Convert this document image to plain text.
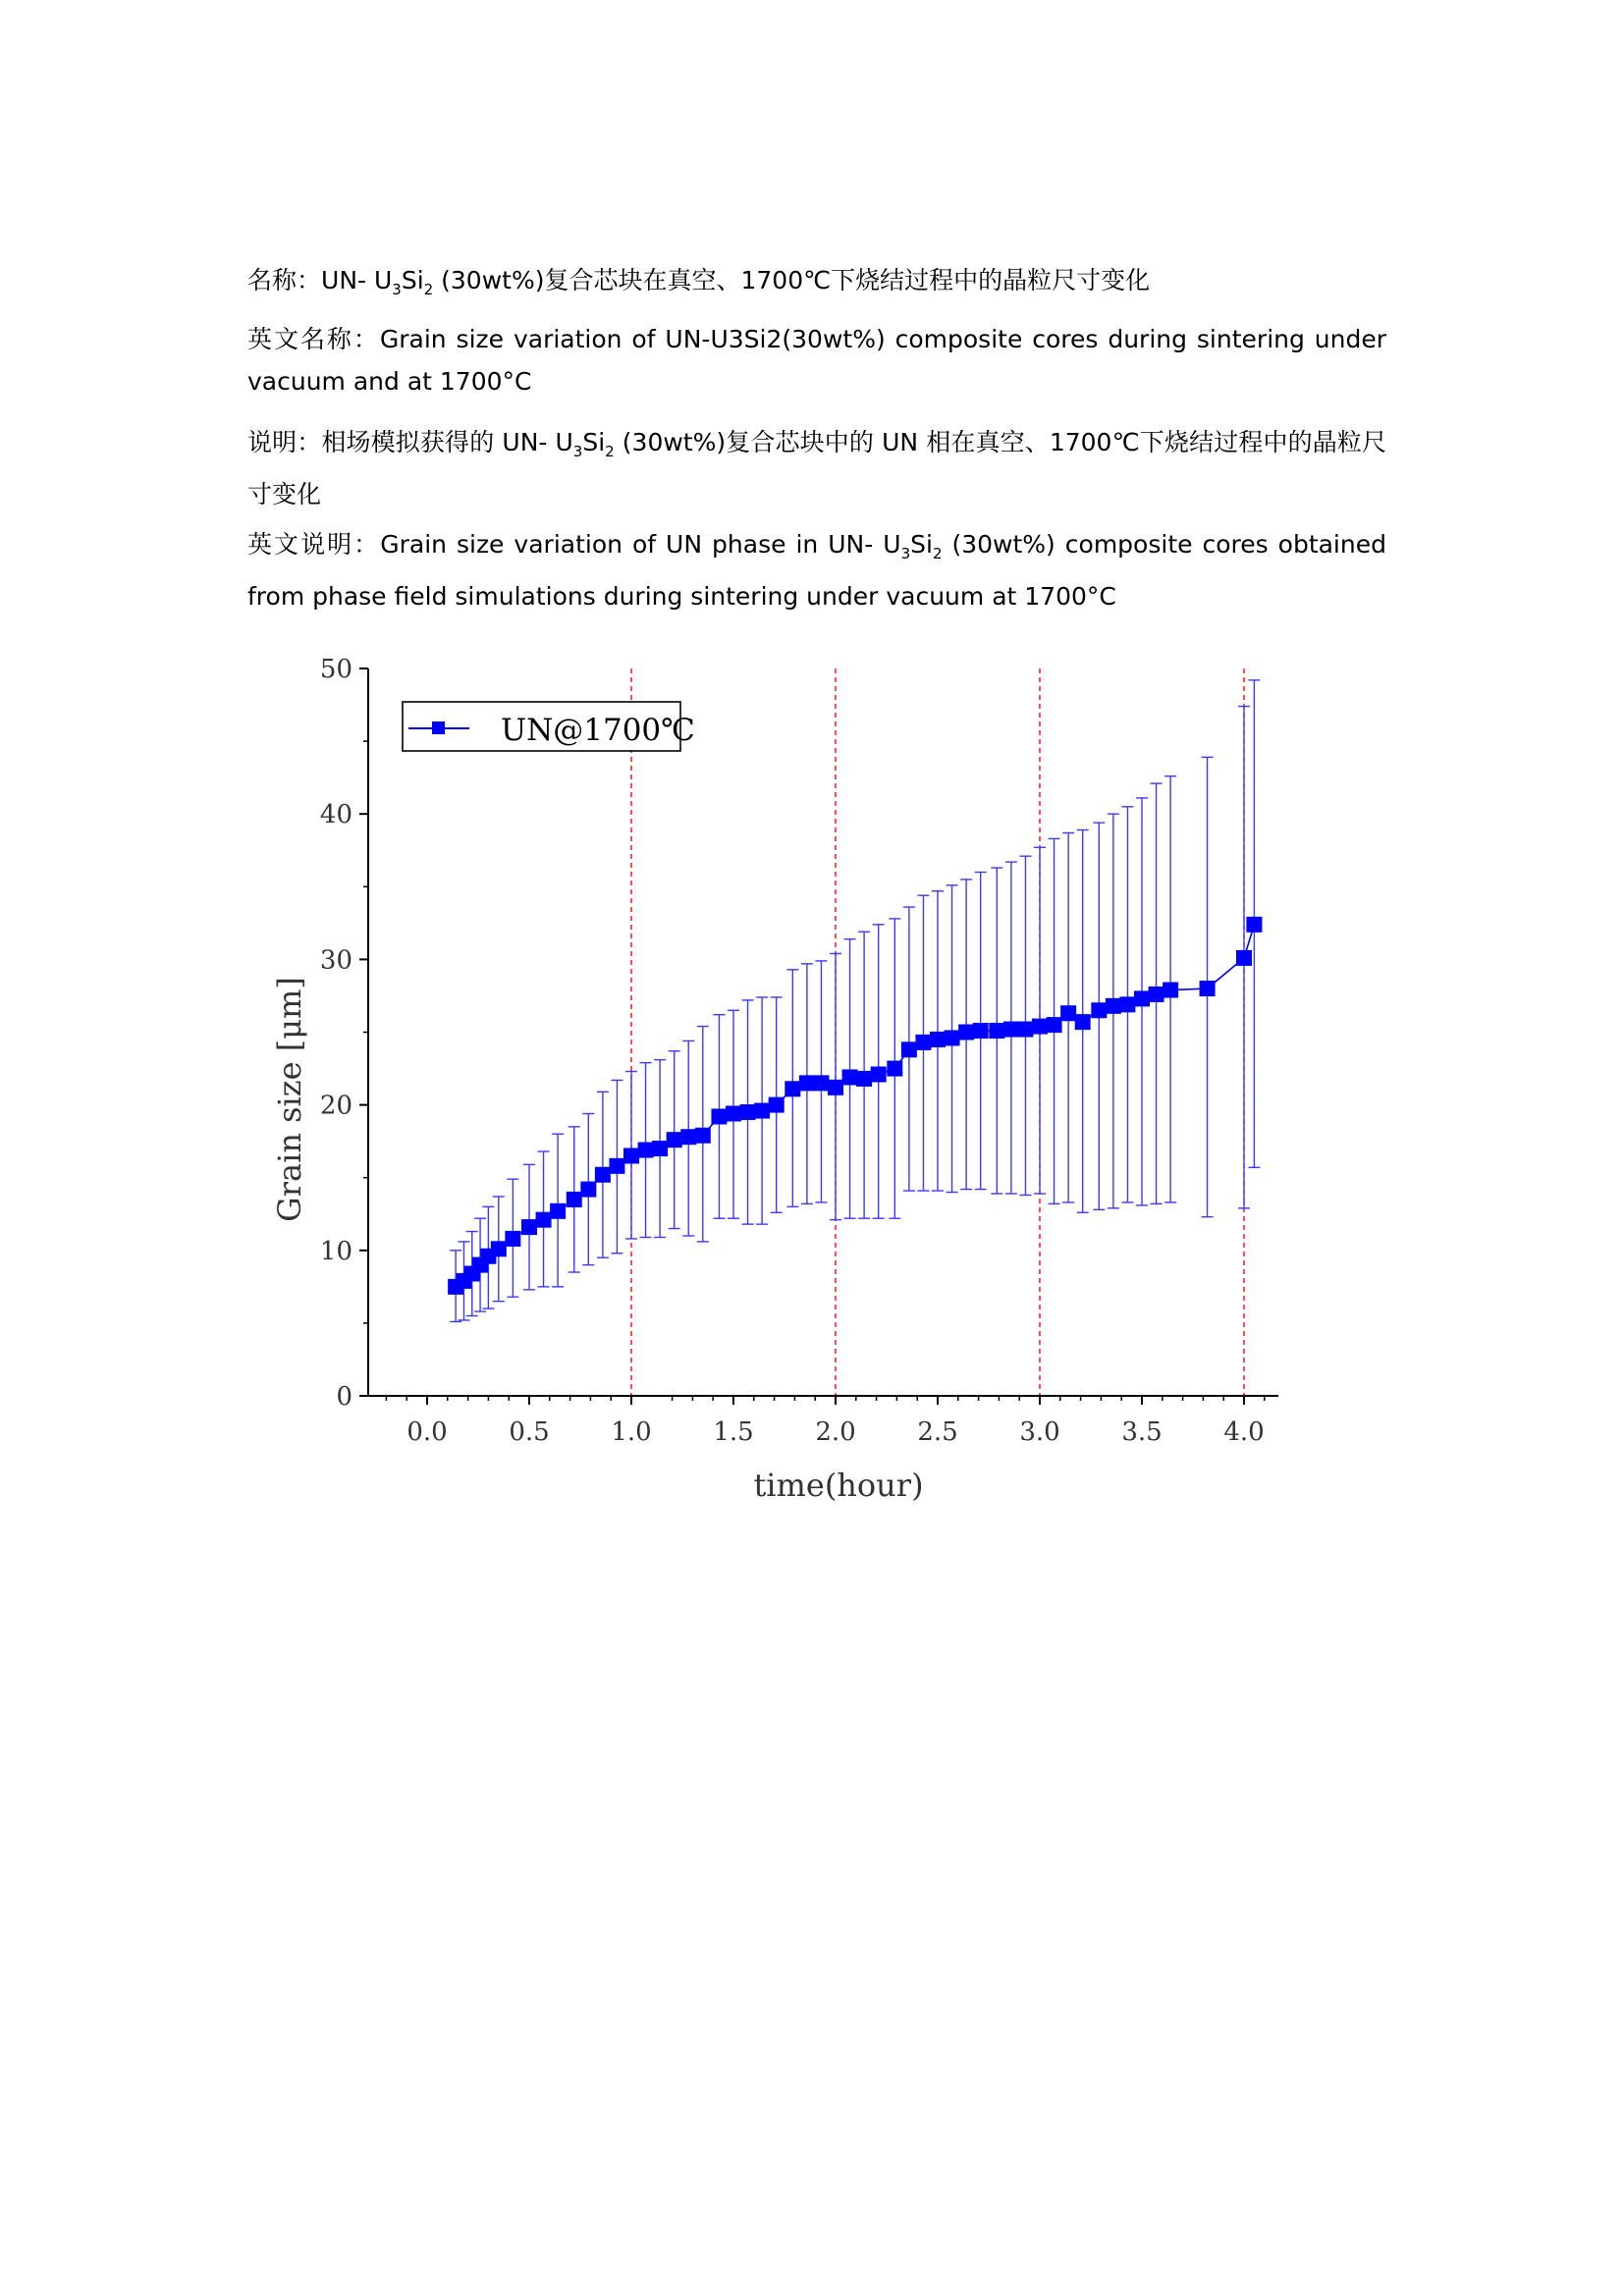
名称：UN- $U_3Si_2$ (30wt%)复合芯块在真空、1700℃下烧结过程中的晶粒尺寸变化

英文名称：Grain size variation of UN-U3Si2(30wt%) composite cores during sintering under vacuum and at 1700°C

说明：相场模拟获得的 UN- $U_3Si_2$ (30wt%)复合芯块中的 UN 相在真空、1700℃下烧结过程中的晶粒尺寸变化

英文说明：Grain size variation of UN phase in UN- $U_3Si_2$ (30wt%) composite cores obtained from phase field simulations during sintering under vacuum at 1700°C

0
10
20
30
40
50
0.0 0.5 1.0 1.5 2.0 2.5 3.0 3.5 4.0
UN@1700℃
time(hour)
Grain size [μm]
